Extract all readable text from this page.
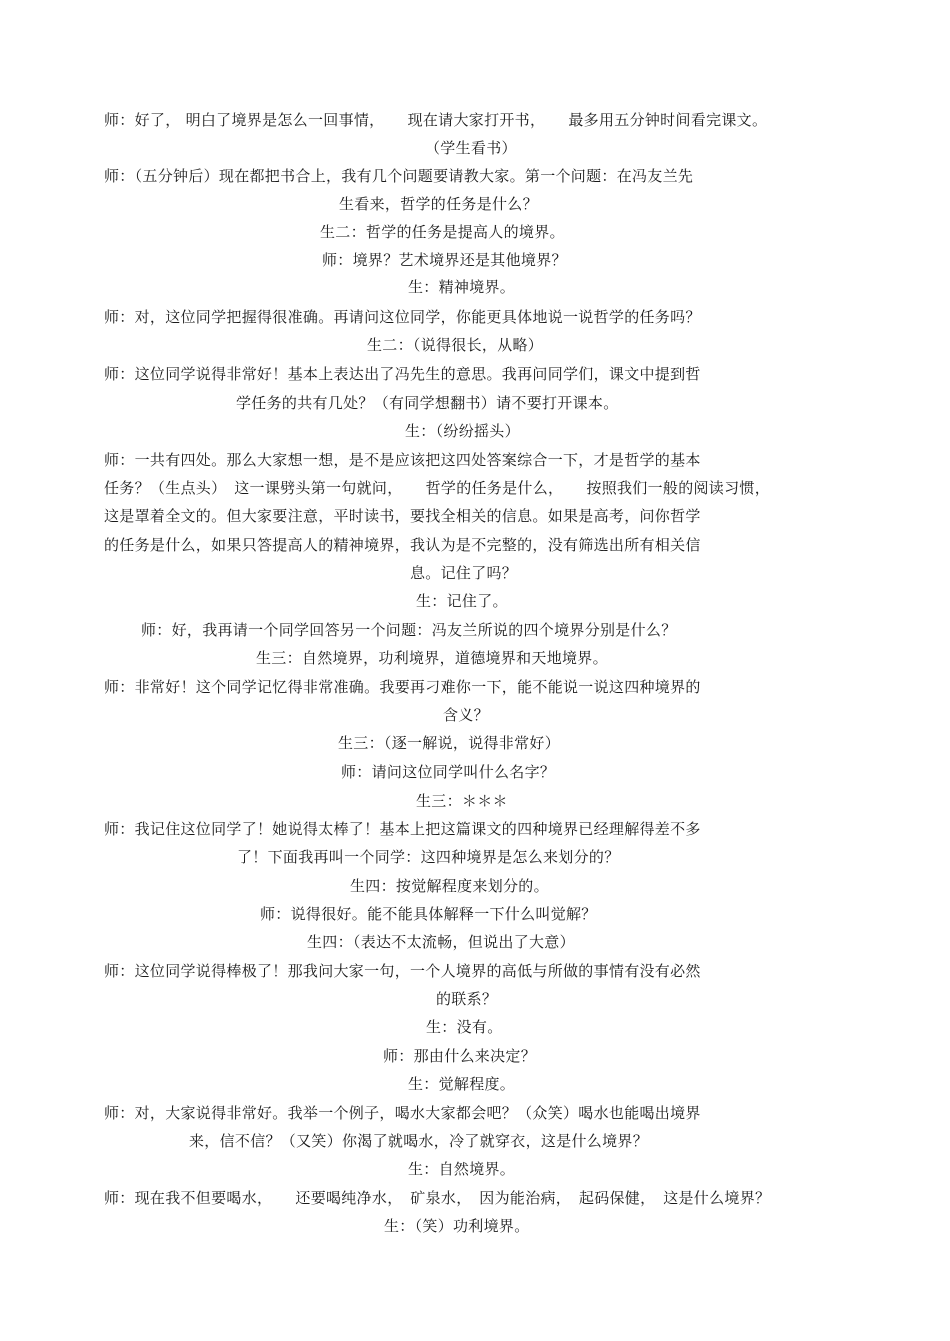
师：好了， 明白了境界是怎么一回事情，　　现在请大家打开书，　　最多用五分钟时间看完课文。
（学生看书）
师：（五分钟后）现在都把书合上，我有几个问题要请教大家。第一个问题：在冯友兰先
生看来，哲学的任务是什么？
生二：哲学的任务是提高人的境界。
师：境界？艺术境界还是其他境界？
生：精神境界。
师：对，这位同学把握得很准确。再请问这位同学，你能更具体地说一说哲学的任务吗？
生二：（说得很长，从略）
师：这位同学说得非常好！基本上表达出了冯先生的意思。我再问同学们，课文中提到哲
学任务的共有几处？（有同学想翻书）请不要打开课本。
生：（纷纷摇头）
师：一共有四处。那么大家想一想，是不是应该把这四处答案综合一下，才是哲学的基本
任务？（生点头）　这一课劈头第一句就问，　　哲学的任务是什么，　　按照我们一般的阅读习惯，
这是罩着全文的。但大家要注意，平时读书，要找全相关的信息。如果是高考，问你哲学
的任务是什么，如果只答提高人的精神境界，我认为是不完整的，没有筛选出所有相关信
息。记住了吗？
生：记住了。
师：好，我再请一个同学回答另一个问题：冯友兰所说的四个境界分别是什么？
生三：自然境界，功利境界，道德境界和天地境界。
师：非常好！这个同学记忆得非常准确。我要再刁难你一下，能不能说一说这四种境界的
含义？
生三：（逐一解说，说得非常好）
师：请问这位同学叫什么名字？
生三：＊＊＊
师：我记住这位同学了！她说得太棒了！基本上把这篇课文的四种境界已经理解得差不多
了！下面我再叫一个同学：这四种境界是怎么来划分的？
生四：按觉解程度来划分的。
师：说得很好。能不能具体解释一下什么叫觉解？
生四：（表达不太流畅，但说出了大意）
师：这位同学说得棒极了！那我问大家一句，一个人境界的高低与所做的事情有没有必然
的联系？
生：没有。
师：那由什么来决定？
生：觉解程度。
师：对，大家说得非常好。我举一个例子，喝水大家都会吧？（众笑）喝水也能喝出境界
来，信不信？（又笑）你渴了就喝水，冷了就穿衣，这是什么境界？
生：自然境界。
师：现在我不但要喝水，　　还要喝纯净水，　矿泉水，　因为能治病，　起码保健，　这是什么境界？
生：（笑）功利境界。
